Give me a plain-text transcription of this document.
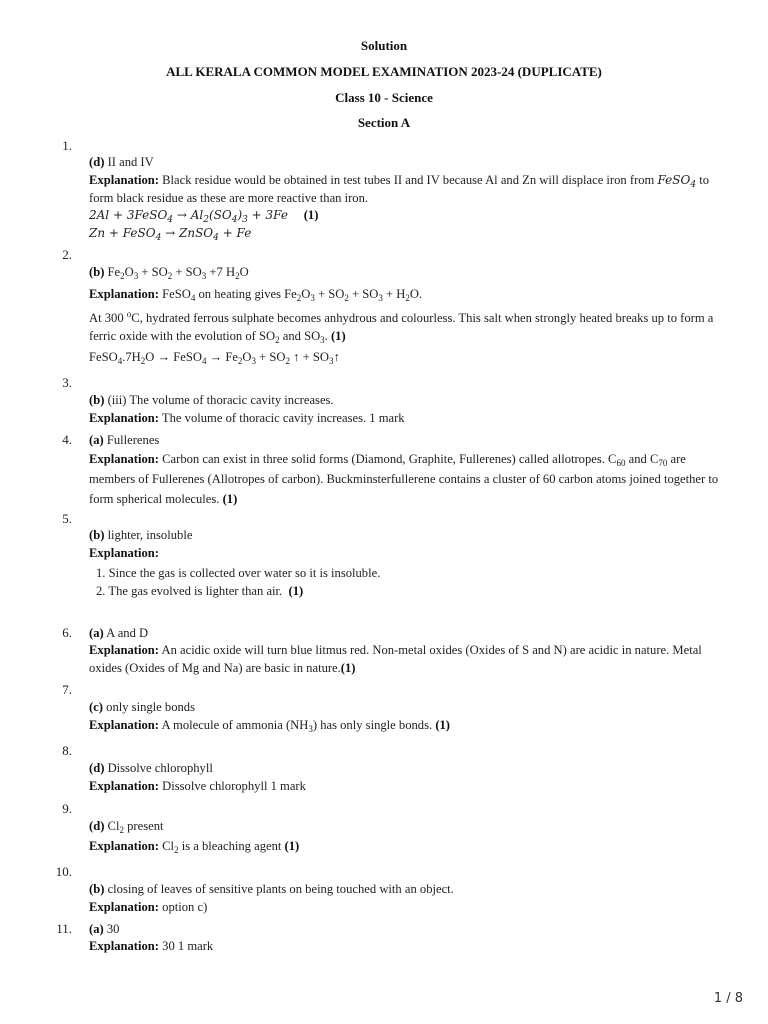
Solution
ALL KERALA COMMON MODEL EXAMINATION 2023-24 (DUPLICATE)
Class 10 - Science
Section A
1.
(d) II and IV
Explanation: Black residue would be obtained in test tubes II and IV because Al and Zn will displace iron from FeSO$_4$ to form black residue as these are more reactive than iron.
2Al + 3FeSO$_4$ → $Al_2(SO_4)_3 + 3Fe$ (1)
Zn + FeSO$_4$ → ZnSO$_4$ + Fe
2.
(b) $Fe_2O_3 + SO_2 + SO_3 +7$ $H_2O$
Explanation: FeSO$_4$ on heating gives $Fe_2O_3 + SO_2 + SO_3 + H_2O$.
At 300 $^o$C, hydrated ferrous sulphate becomes anhydrous and colourless. This salt when strongly heated breaks up to form a ferric oxide with the evolution of $SO_2$ and $SO_3$. (1)
$FeSO_4.7H_2O$ → FeSO$_4$ → $Fe_2O_3 + SO_2$ ↑ + $SO_3↑$
3.
(b) (iii) The volume of thoracic cavity increases.
Explanation: The volume of thoracic cavity increases. 1 mark
4. (a) Fullerenes
Explanation: Carbon can exist in three solid forms (Diamond, Graphite, Fullerenes) called allotropes. $C_{60}$ and $C_{70}$ are members of Fullerenes (Allotropes of carbon). Buckminsterfullerene contains a cluster of 60 carbon atoms joined together to form spherical molecules. (1)
5.
(b) lighter, insoluble
Explanation:
1. Since the gas is collected over water so it is insoluble.
2. The gas evolved is lighter than air. (1)
6. (a) A and D
Explanation: An acidic oxide will turn blue litmus red. Non-metal oxides (Oxides of S and N) are acidic in nature. Metal oxides (Oxides of Mg and Na) are basic in nature.(1)
7.
(c) only single bonds
Explanation: A molecule of ammonia $(NH_3)$ has only single bonds. (1)
8.
(d) Dissolve chlorophyll
Explanation: Dissolve chlorophyll 1 mark
9.
(d) $Cl_2$ present
Explanation: $Cl_2$ is a bleaching agent (1)
10.
(b) closing of leaves of sensitive plants on being touched with an object.
Explanation: option c)
11. (a) 30
Explanation: 30 1 mark
1 / 8
